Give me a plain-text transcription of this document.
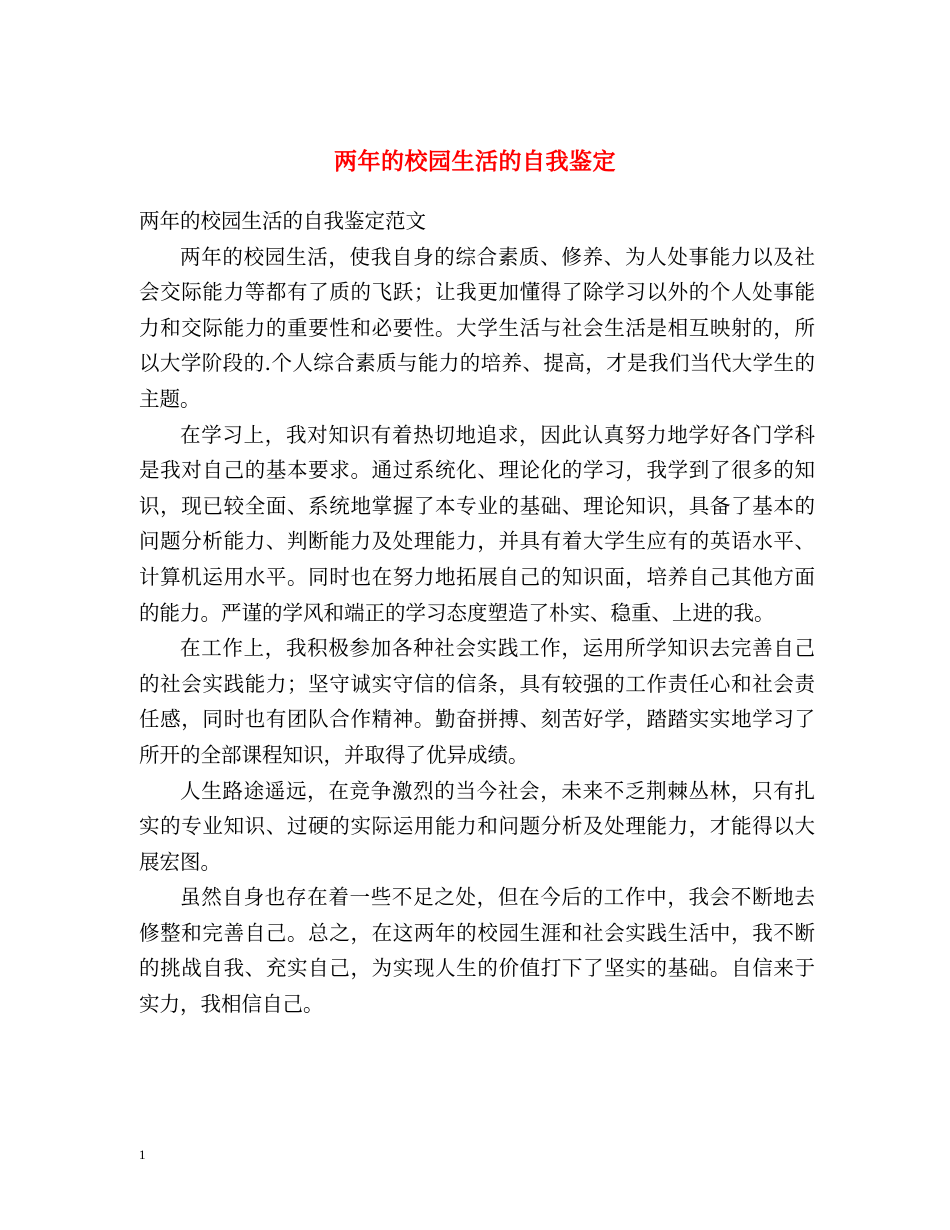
两年的校园生活的自我鉴定

两年的校园生活的自我鉴定范文

两年的校园生活，使我自身的综合素质、修养、为人处事能力以及社会交际能力等都有了质的飞跃；让我更加懂得了除学习以外的个人处事能力和交际能力的重要性和必要性。大学生活与社会生活是相互映射的，所以大学阶段的.个人综合素质与能力的培养、提高，才是我们当代大学生的主题。

在学习上，我对知识有着热切地追求，因此认真努力地学好各门学科是我对自己的基本要求。通过系统化、理论化的学习，我学到了很多的知识，现已较全面、系统地掌握了本专业的基础、理论知识，具备了基本的问题分析能力、判断能力及处理能力，并具有着大学生应有的英语水平、计算机运用水平。同时也在努力地拓展自己的知识面，培养自己其他方面的能力。严谨的学风和端正的学习态度塑造了朴实、稳重、上进的我。

在工作上，我积极参加各种社会实践工作，运用所学知识去完善自己的社会实践能力；坚守诚实守信的信条，具有较强的工作责任心和社会责任感，同时也有团队合作精神。勤奋拼搏、刻苦好学，踏踏实实地学习了所开的全部课程知识，并取得了优异成绩。

人生路途遥远，在竞争激烈的当今社会，未来不乏荆棘丛林，只有扎实的专业知识、过硬的实际运用能力和问题分析及处理能力，才能得以大展宏图。

虽然自身也存在着一些不足之处，但在今后的工作中，我会不断地去修整和完善自己。总之，在这两年的校园生涯和社会实践生活中，我不断的挑战自我、充实自己，为实现人生的价值打下了坚实的基础。自信来于实力，我相信自己。

1
